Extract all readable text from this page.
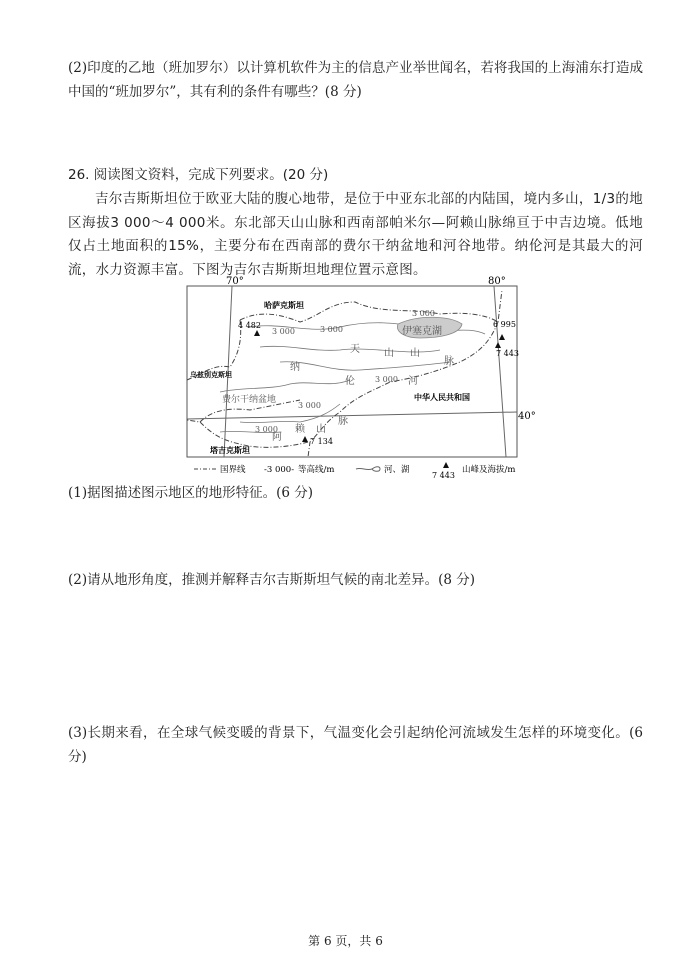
(2)印度的乙地（班加罗尔）以计算机软件为主的信息产业举世闻名，若将我国的上海浦东打造成中国的“班加罗尔”，其有利的条件有哪些？(8 分)

26. 阅读图文资料，完成下列要求。(20 分)

吉尔吉斯斯坦位于欧亚大陆的腹心地带，是位于中亚东北部的内陆国，境内多山，1/3的地区海拔3 000～4 000米。东北部天山山脉和西南部帕米尔—阿赖山脉绵亘于中吉边境。低地仅占土地面积的15%，主要分布在西南部的费尔干纳盆地和河谷地带。纳伦河是其最大的河流，水力资源丰富。下图为吉尔吉斯斯坦地理位置示意图。

70°	80°
40°
伊塞克湖
哈萨克斯坦
乌兹别克斯坦
塔吉克斯坦
中华人民共和国
费尔干纳盆地
天 山 山
脉
纳
伦	河
阿
赖 山
脉
3 000	3 000
3 000
3 000
3 000
3 000
4 482	6 995
7 443
7 134
国界线 -3 000- 等高线/m	河、湖
7 443
山峰及海拔/m

(1)据图描述图示地区的地形特征。(6 分)

(2)请从地形角度，推测并解释吉尔吉斯斯坦气候的南北差异。(8 分)

(3)长期来看，在全球气候变暖的背景下，气温变化会引起纳伦河流域发生怎样的环境变化。(6 分)

第 6 页，共 6
